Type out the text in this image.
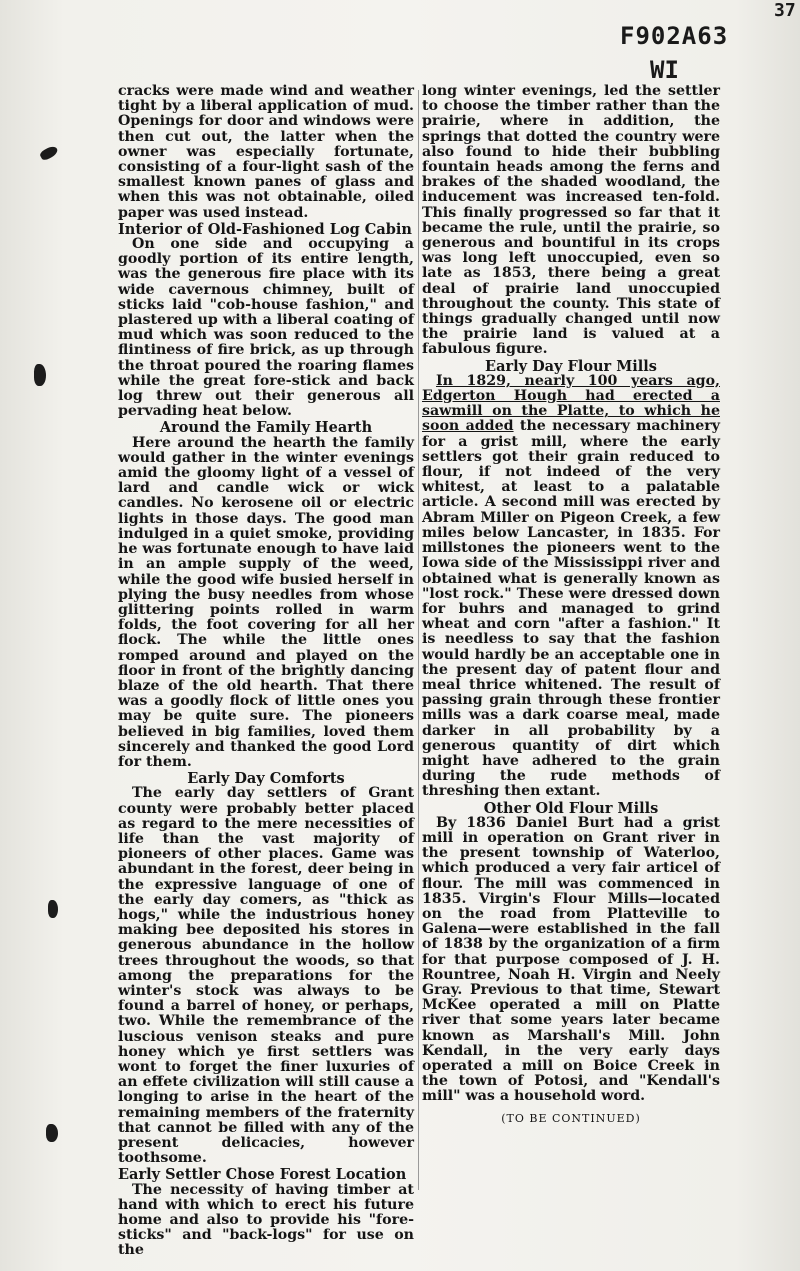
F902A63
WI
37

cracks were made wind and weather tight by a liberal application of mud. Openings for door and windows were then cut out, the latter when the owner was especially fortunate, consisting of a four-light sash of the smallest known panes of glass and when this was not obtainable, oiled paper was used instead.

Interior of Old-Fashioned Log Cabin

On one side and occupying a goodly portion of its entire length, was the generous fire place with its wide cavernous chimney, built of sticks laid "cob-house fashion," and plastered up with a liberal coating of mud which was soon reduced to the flintiness of fire brick, as up through the throat poured the roaring flames while the great fore-stick and back log threw out their generous all pervading heat below.

Around the Family Hearth

Here around the hearth the family would gather in the winter evenings amid the gloomy light of a vessel of lard and candle wick or wick candles. No kerosene oil or electric lights in those days. The good man indulged in a quiet smoke, providing he was fortunate enough to have laid in an ample supply of the weed, while the good wife busied herself in plying the busy needles from whose glittering points rolled in warm folds, the foot covering for all her flock. The while the little ones romped around and played on the floor in front of the brightly dancing blaze of the old hearth. That there was a goodly flock of little ones you may be quite sure. The pioneers believed in big families, loved them sincerely and thanked the good Lord for them.

Early Day Comforts

The early day settlers of Grant county were probably better placed as regard to the mere necessities of life than the vast majority of pioneers of other places. Game was abundant in the forest, deer being in the expressive language of one of the early day comers, as "thick as hogs," while the industrious honey making bee deposited his stores in generous abundance in the hollow trees throughout the woods, so that among the preparations for the winter's stock was always to be found a barrel of honey, or perhaps, two. While the remembrance of the luscious venison steaks and pure honey which ye first settlers was wont to forget the finer luxuries of an effete civilization will still cause a longing to arise in the heart of the remaining members of the fraternity that cannot be filled with any of the present delicacies, however toothsome.

Early Settler Chose Forest Location

The necessity of having timber at hand with which to erect his future home and also to provide his "fore-sticks" and "back-logs" for use on the

long winter evenings, led the settler to choose the timber rather than the prairie, where in addition, the springs that dotted the country were also found to hide their bubbling fountain heads among the ferns and brakes of the shaded woodland, the inducement was increased ten-fold. This finally progressed so far that it became the rule, until the prairie, so generous and bountiful in its crops was long left unoccupied, even so late as 1853, there being a great deal of prairie land unoccupied throughout the county. This state of things gradually changed until now the prairie land is valued at a fabulous figure.

Early Day Flour Mills

In 1829, nearly 100 years ago, Edgerton Hough had erected a sawmill on the Platte, to which he soon added the necessary machinery for a grist mill, where the early settlers got their grain reduced to flour, if not indeed of the very whitest, at least to a palatable article. A second mill was erected by Abram Miller on Pigeon Creek, a few miles below Lancaster, in 1835. For millstones the pioneers went to the Iowa side of the Mississippi river and obtained what is generally known as "lost rock." These were dressed down for buhrs and managed to grind wheat and corn "after a fashion." It is needless to say that the fashion would hardly be an acceptable one in the present day of patent flour and meal thrice whitened. The result of passing grain through these frontier mills was a dark coarse meal, made darker in all probability by a generous quantity of dirt which might have adhered to the grain during the rude methods of threshing then extant.

Other Old Flour Mills

By 1836 Daniel Burt had a grist mill in operation on Grant river in the present township of Waterloo, which produced a very fair articel of flour. The mill was commenced in 1835. Virgin's Flour Mills—located on the road from Platteville to Galena—were established in the fall of 1838 by the organization of a firm for that purpose composed of J. H. Rountree, Noah H. Virgin and Neely Gray. Previous to that time, Stewart McKee operated a mill on Platte river that some years later became known as Marshall's Mill. John Kendall, in the very early days operated a mill on Boice Creek in the town of Potosi, and "Kendall's mill" was a household word.

(TO BE CONTINUED)
